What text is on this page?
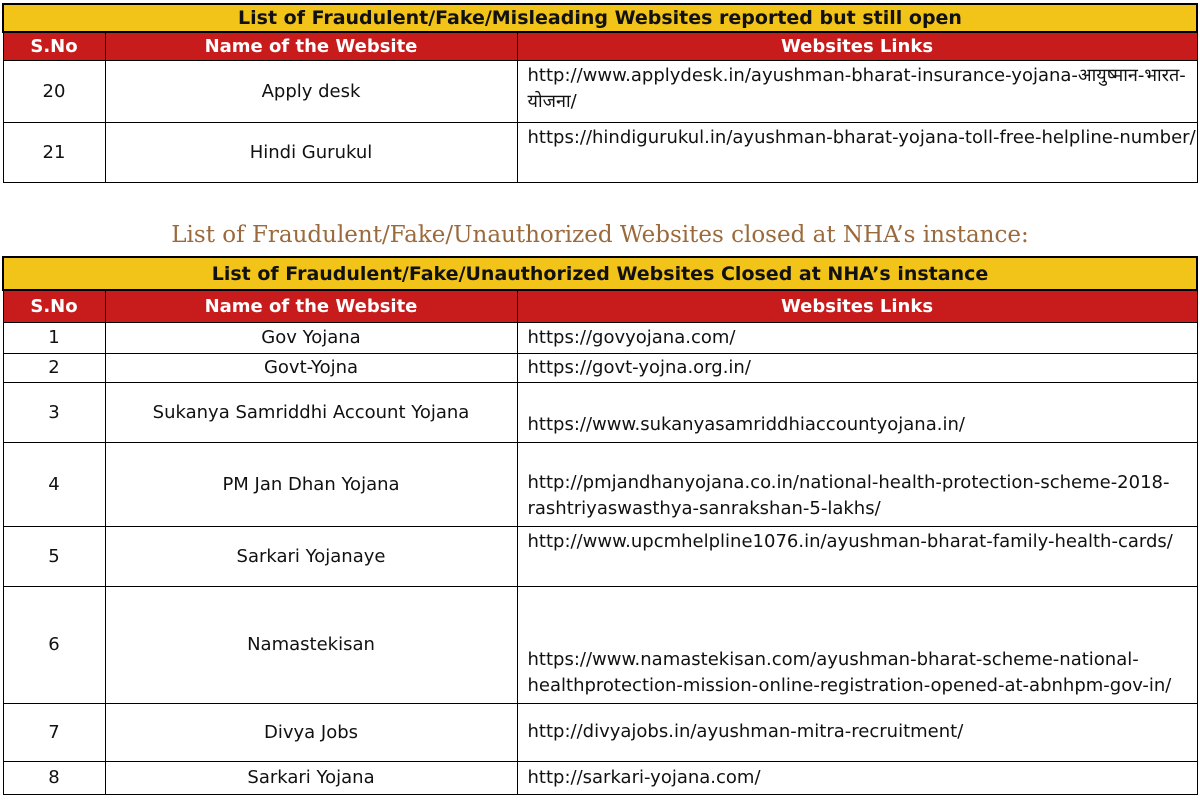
List of Fraudulent/Fake/Misleading Websites reported but still open		
S.No	Name of the Website	Websites Links
20	Apply desk	http://www.applydesk.in/ayushman-bharat-insurance-yojana-आयुष्मान-भारत-योजना/
21	Hindi Gurukul	https://hindigurukul.in/ayushman-bharat-yojana-toll-free-helpline-number/
List of Fraudulent/Fake/Unauthorized Websites closed at NHA’s instance:
List of Fraudulent/Fake/Unauthorized Websites Closed at NHA’s instance		
S.No	Name of the Website	Websites Links
1	Gov Yojana	https://govyojana.com/
2	Govt-Yojna	https://govt-yojna.org.in/
3	Sukanya Samriddhi Account Yojana	https://www.sukanyasamriddhiaccountyojana.in/
4	PM Jan Dhan Yojana	http://pmjandhanyojana.co.in/national-health-protection-scheme-2018-rashtriyaswasthya-sanrakshan-5-lakhs/
5	Sarkari Yojanaye	http://www.upcmhelpline1076.in/ayushman-bharat-family-health-cards/
6	Namastekisan	https://www.namastekisan.com/ayushman-bharat-scheme-national-healthprotection-mission-online-registration-opened-at-abnhpm-gov-in/
7	Divya Jobs	http://divyajobs.in/ayushman-mitra-recruitment/
8	Sarkari Yojana	http://sarkari-yojana.com/
